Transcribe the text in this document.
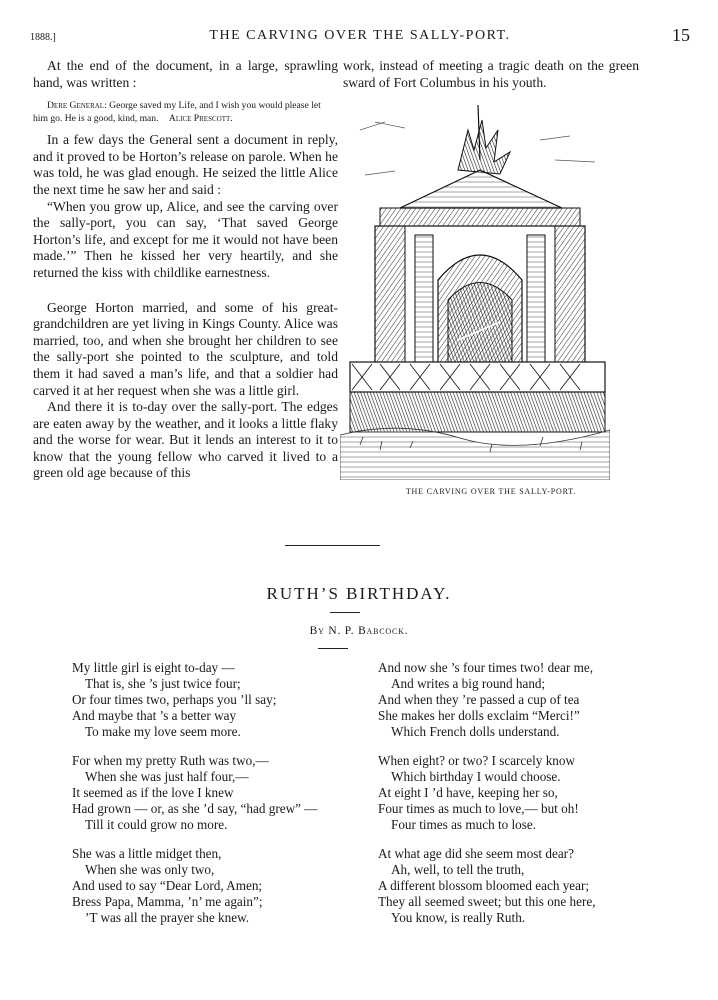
1888.]	THE CARVING OVER THE SALLY-PORT.	15

At the end of the document, in a large, sprawling hand, was written :

Dere General: George saved my Life, and I wish you would please let him go. He is a good, kind, man. Alice Prescott.

In a few days the General sent a document in reply, and it proved to be Horton’s release on parole. When he was told, he was glad enough. He seized the little Alice the next time he saw her and said :

“When you grow up, Alice, and see the carving over the sally-port, you can say, ‘That saved George Horton’s life, and except for me it would not have been made.’” Then he kissed her very heartily, and she returned the kiss with childlike earnestness.

George Horton married, and some of his great-grandchildren are yet living in Kings County. Alice was married, too, and when she brought her children to see the sally-port she pointed to the sculpture, and told them it had saved a man’s life, and that a soldier had carved it at her request when she was a little girl.

And there it is to-day over the sally-port. The edges are eaten away by the weather, and it looks a little flaky and the worse for wear. But it lends an interest to it to know that the young fellow who carved it lived to a green old age because of this

work, instead of meeting a tragic death on the green sward of Fort Columbus in his youth.

THE CARVING OVER THE SALLY-PORT.
RUTH’S BIRTHDAY.
By N. P. Babcock.
My little girl is eight to-day —
That is, she ’s just twice four;
Or four times two, perhaps you ’ll say;
And maybe that ’s a better way
To make my love seem more.
For when my pretty Ruth was two,—
When she was just half four,—
It seemed as if the love I knew
Had grown — or, as she ’d say, “had grew” —
Till it could grow no more.
She was a little midget then,
When she was only two,
And used to say “Dear Lord, Amen;
Bress Papa, Mamma, ’n’ me again”;
’T was all the prayer she knew.
And now she ’s four times two! dear me,
And writes a big round hand;
And when they ’re passed a cup of tea
She makes her dolls exclaim “Merci!”
Which French dolls understand.
When eight? or two? I scarcely know
Which birthday I would choose.
At eight I ’d have, keeping her so,
Four times as much to love,— but oh!
Four times as much to lose.
At what age did she seem most dear?
Ah, well, to tell the truth,
A different blossom bloomed each year;
They all seemed sweet; but this one here,
You know, is really Ruth.
